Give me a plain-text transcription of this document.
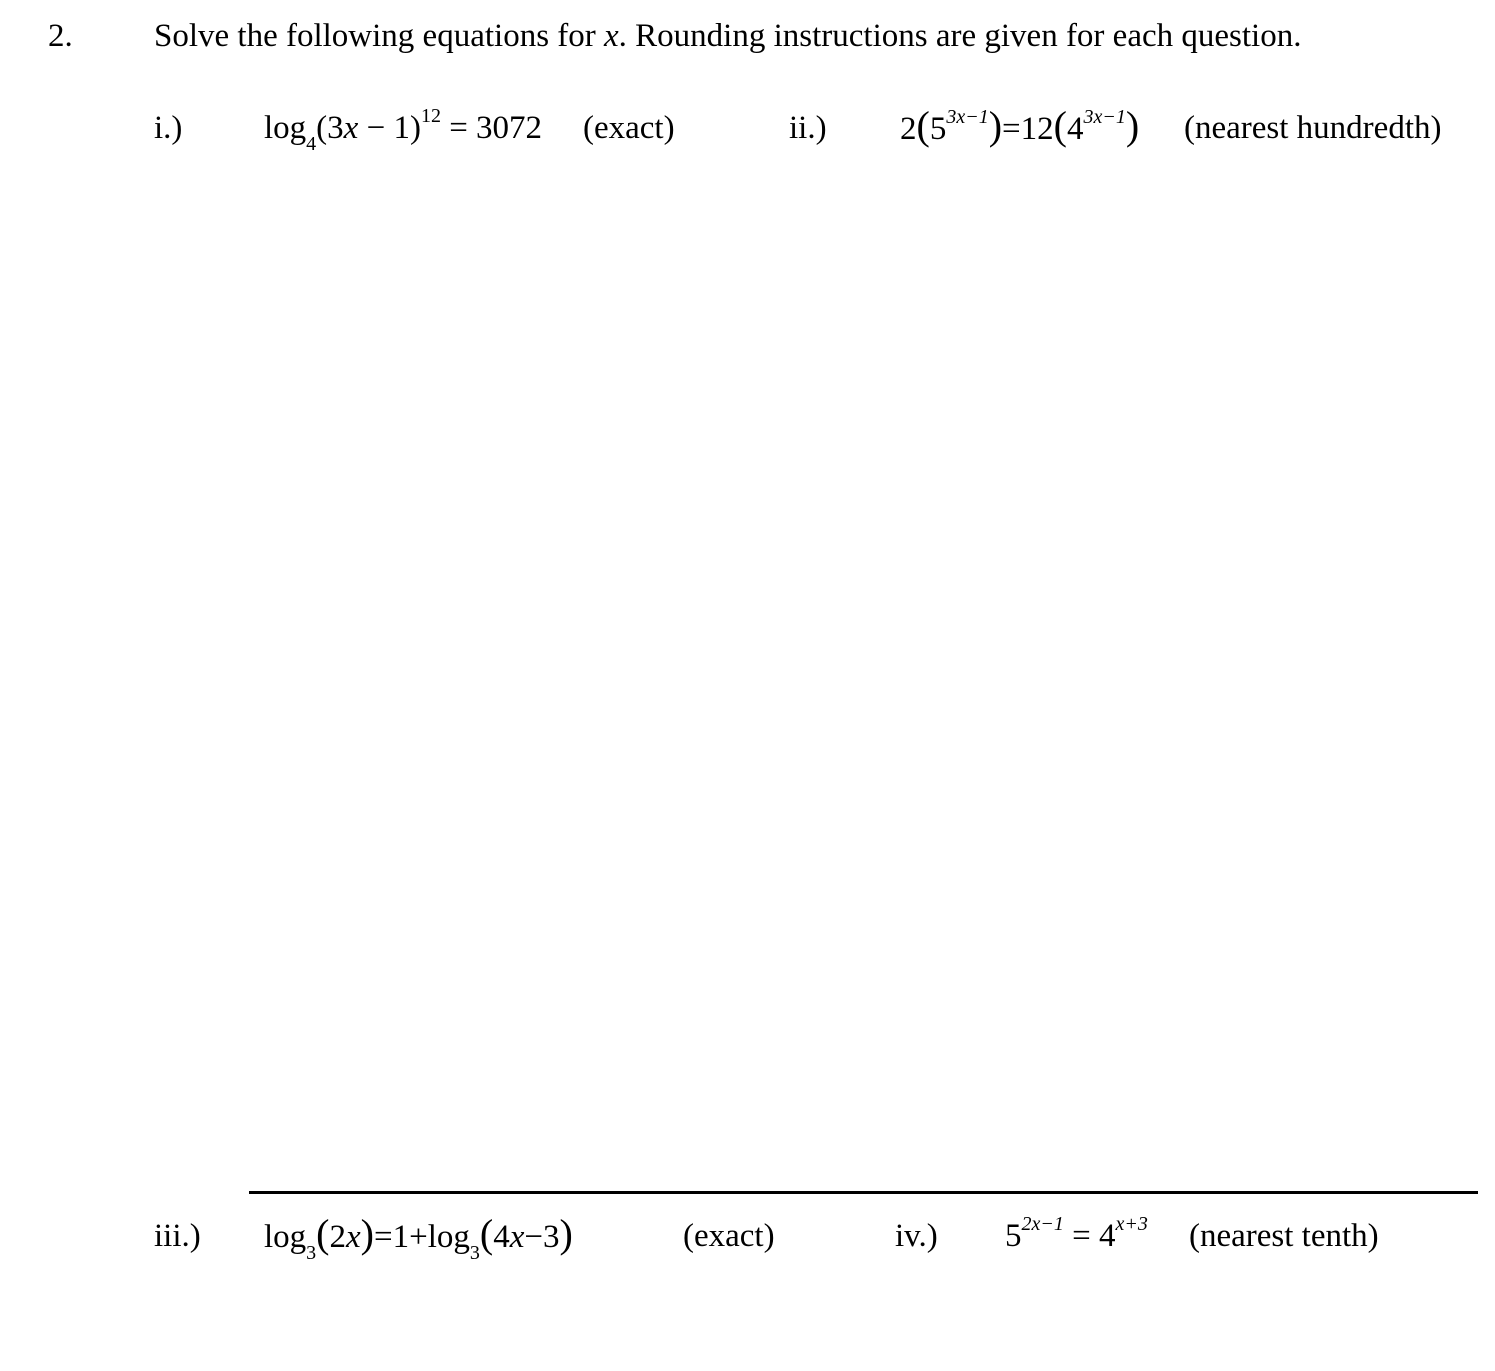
2. Solve the following equations for x. Rounding instructions are given for each question.
i.) $\log_4(3x - 1)^{12} = 3072$ (exact)	ii.) $2(5^{3x-1})=12(4^{3x-1})$ (nearest hundredth)
iii.) $\log_3(2x)=1+\log_3(4x-3)$	(exact)	iv.) $5^{2x-1} = 4^{x+3}$ (nearest tenth)
